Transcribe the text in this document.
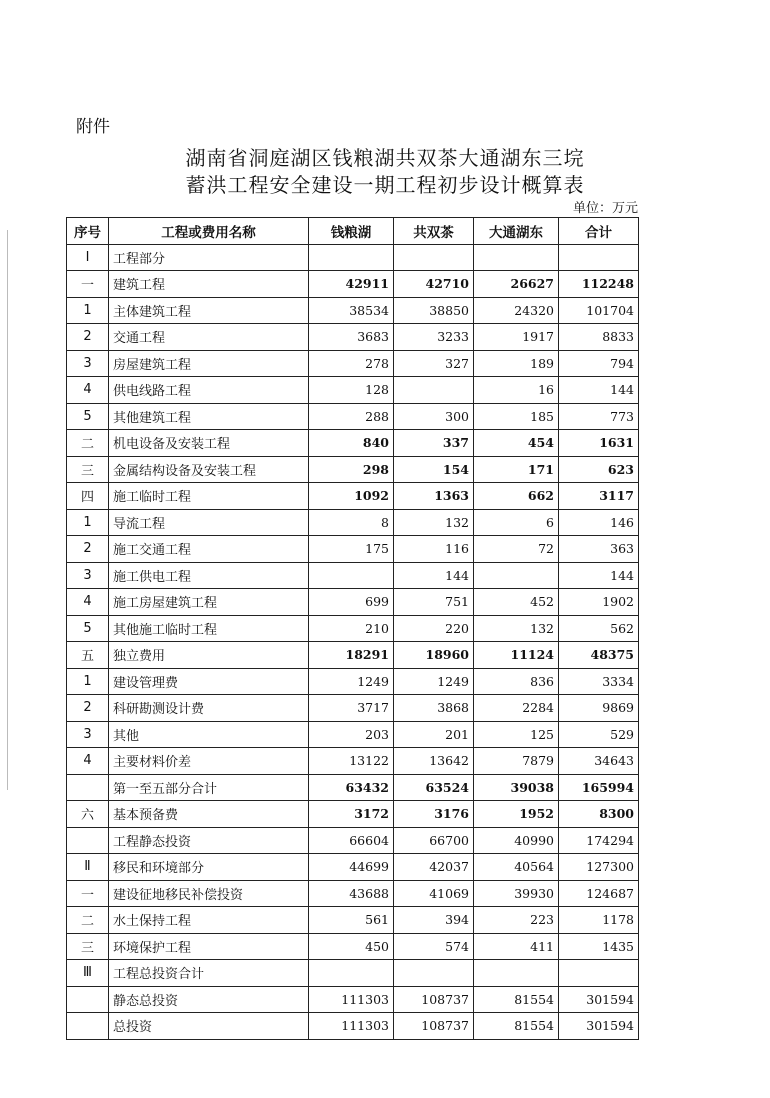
附件
湖南省洞庭湖区钱粮湖共双茶大通湖东三垸
蓄洪工程安全建设一期工程初步设计概算表
单位：万元
序号	工程或费用名称	钱粮湖	共双茶	大通湖东	合计
Ⅰ	工程部分				
一	建筑工程	42911	42710	26627	112248
1	主体建筑工程	38534	38850	24320	101704
2	交通工程	3683	3233	1917	8833
3	房屋建筑工程	278	327	189	794
4	供电线路工程	128		16	144
5	其他建筑工程	288	300	185	773
二	机电设备及安装工程	840	337	454	1631
三	金属结构设备及安装工程	298	154	171	623
四	施工临时工程	1092	1363	662	3117
1	导流工程	8	132	6	146
2	施工交通工程	175	116	72	363
3	施工供电工程		144		144
4	施工房屋建筑工程	699	751	452	1902
5	其他施工临时工程	210	220	132	562
五	独立费用	18291	18960	11124	48375
1	建设管理费	1249	1249	836	3334
2	科研勘测设计费	3717	3868	2284	9869
3	其他	203	201	125	529
4	主要材料价差	13122	13642	7879	34643
	第一至五部分合计	63432	63524	39038	165994
六	基本预备费	3172	3176	1952	8300
	工程静态投资	66604	66700	40990	174294
Ⅱ	移民和环境部分	44699	42037	40564	127300
一	建设征地移民补偿投资	43688	41069	39930	124687
二	水土保持工程	561	394	223	1178
三	环境保护工程	450	574	411	1435
Ⅲ	工程总投资合计				
	静态总投资	111303	108737	81554	301594
	总投资	111303	108737	81554	301594
